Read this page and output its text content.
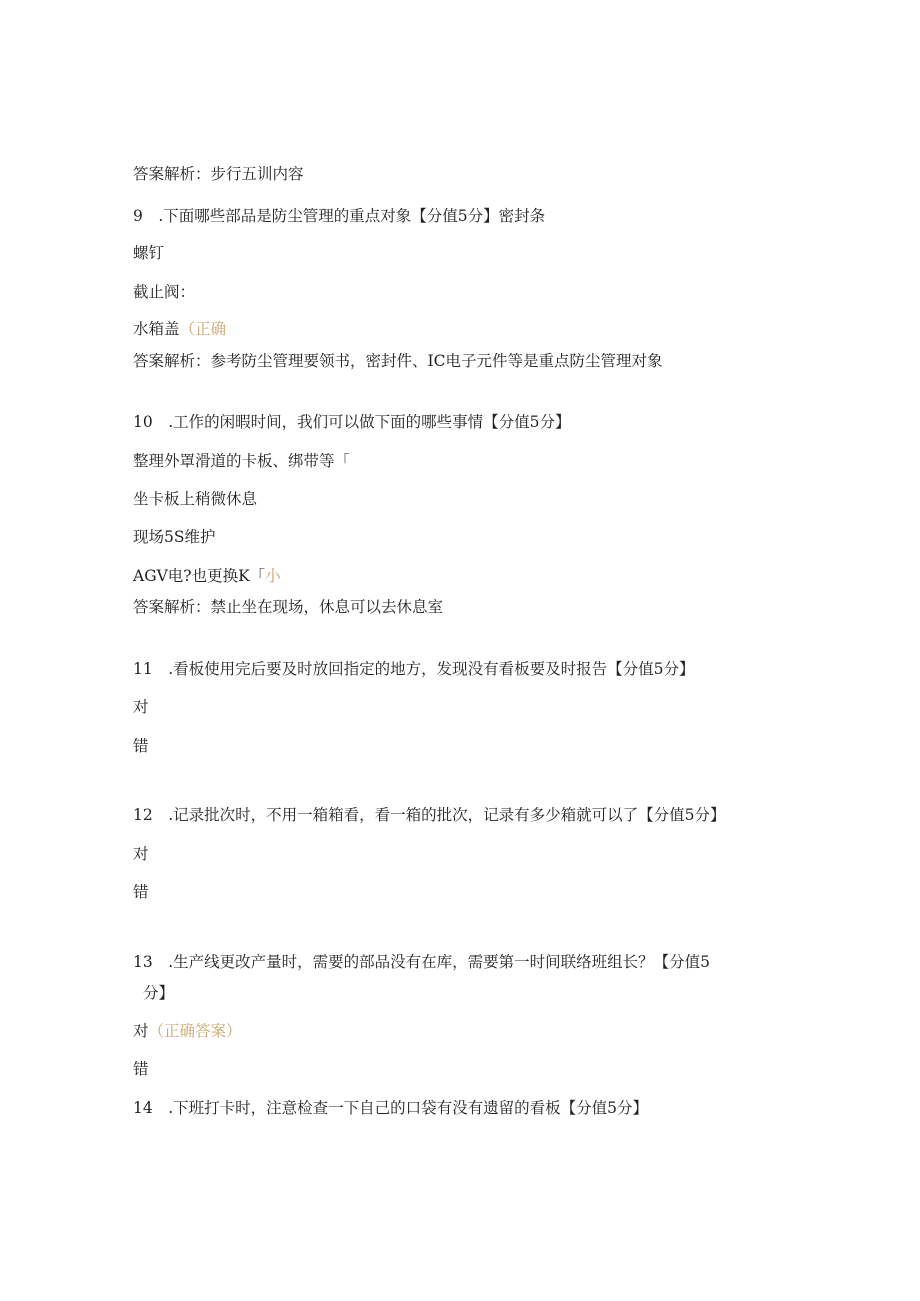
答案解析：步行五训内容
9　.下面哪些部品是防尘管理的重点对象【分值5分】密封条
螺钉
截止阀：
水箱盖（正确
答案解析：参考防尘管理要领书，密封件、IC电子元件等是重点防尘管理对象
10　.工作的闲暇时间，我们可以做下面的哪些事情【分值5分】
整理外罩滑道的卡板、绑带等「
坐卡板上稍微休息
现场5S维护
AGV电?也更换K「小
答案解析：禁止坐在现场，休息可以去休息室
11　.看板使用完后要及时放回指定的地方，发现没有看板要及时报告【分值5分】
对
错
12　.记录批次时，不用一箱箱看，看一箱的批次，记录有多少箱就可以了【分值5分】
对
错
13　.生产线更改产量时，需要的部品没有在库，需要第一时间联络班组长？【分值5
分】
对（正确答案）
错
14　.下班打卡时，注意检查一下自己的口袋有没有遗留的看板【分值5分】
